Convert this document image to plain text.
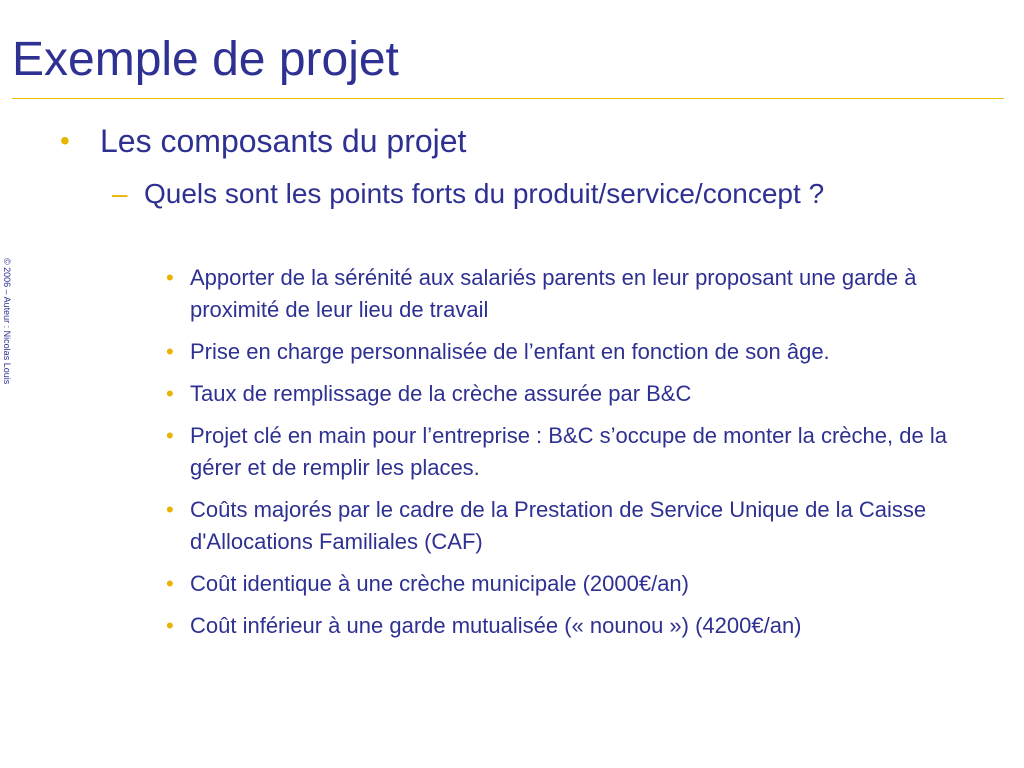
Exemple de projet
© 2006 – Auteur : Nicolas Louis
• Les composants du projet
– Quels sont les points forts du produit/service/concept ?
• Apporter de la sérénité aux salariés parents en leur proposant une garde à proximité de leur lieu de travail
• Prise en charge personnalisée de l’enfant en fonction de son âge.
• Taux de remplissage de la crèche assurée par B&C
• Projet clé en main pour l’entreprise : B&C s’occupe de monter la crèche, de la gérer et de remplir les places.
• Coûts majorés par le cadre de la Prestation de Service Unique de la Caisse d'Allocations Familiales (CAF)
• Coût identique à une crèche municipale (2000€/an)
• Coût inférieur à une garde mutualisée (« nounou ») (4200€/an)
